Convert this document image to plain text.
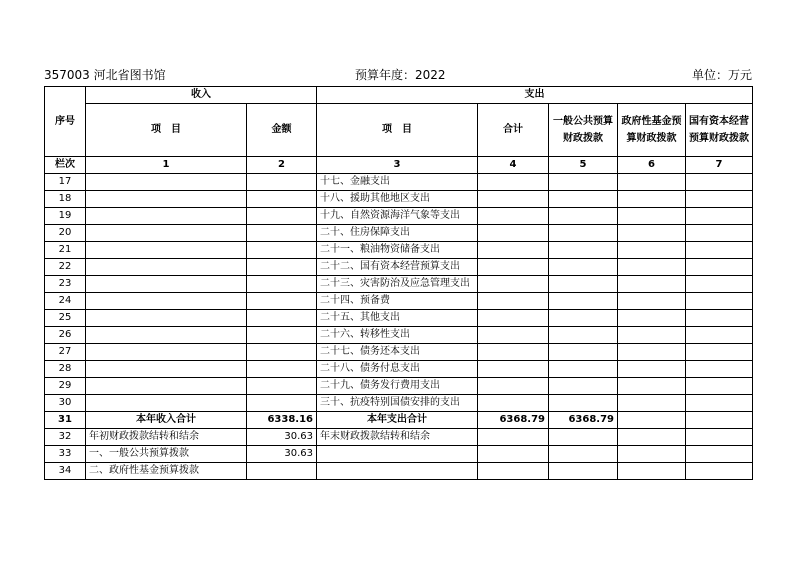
357003 河北省图书馆	预算年度：2022	单位：万元
序号	收入		支出				
	项　目	金额	项　目	合计	一般公共预算财政拨款	政府性基金预算财政拨款	国有资本经营预算财政拨款
栏次	1	2	3	4	5	6	7
17			十七、金融支出				
18			十八、援助其他地区支出				
19			十九、自然资源海洋气象等支出				
20			二十、住房保障支出				
21			二十一、粮油物资储备支出				
22			二十二、国有资本经营预算支出				
23			二十三、灾害防治及应急管理支出				
24			二十四、预备费				
25			二十五、其他支出				
26			二十六、转移性支出				
27			二十七、债务还本支出				
28			二十八、债务付息支出				
29			二十九、债务发行费用支出				
30			三十、抗疫特别国债安排的支出				
31	本年收入合计	6338.16	本年支出合计	6368.79	6368.79		
32	年初财政拨款结转和结余	30.63	年末财政拨款结转和结余				
33	一、一般公共预算拨款	30.63					
34	二、政府性基金预算拨款						
